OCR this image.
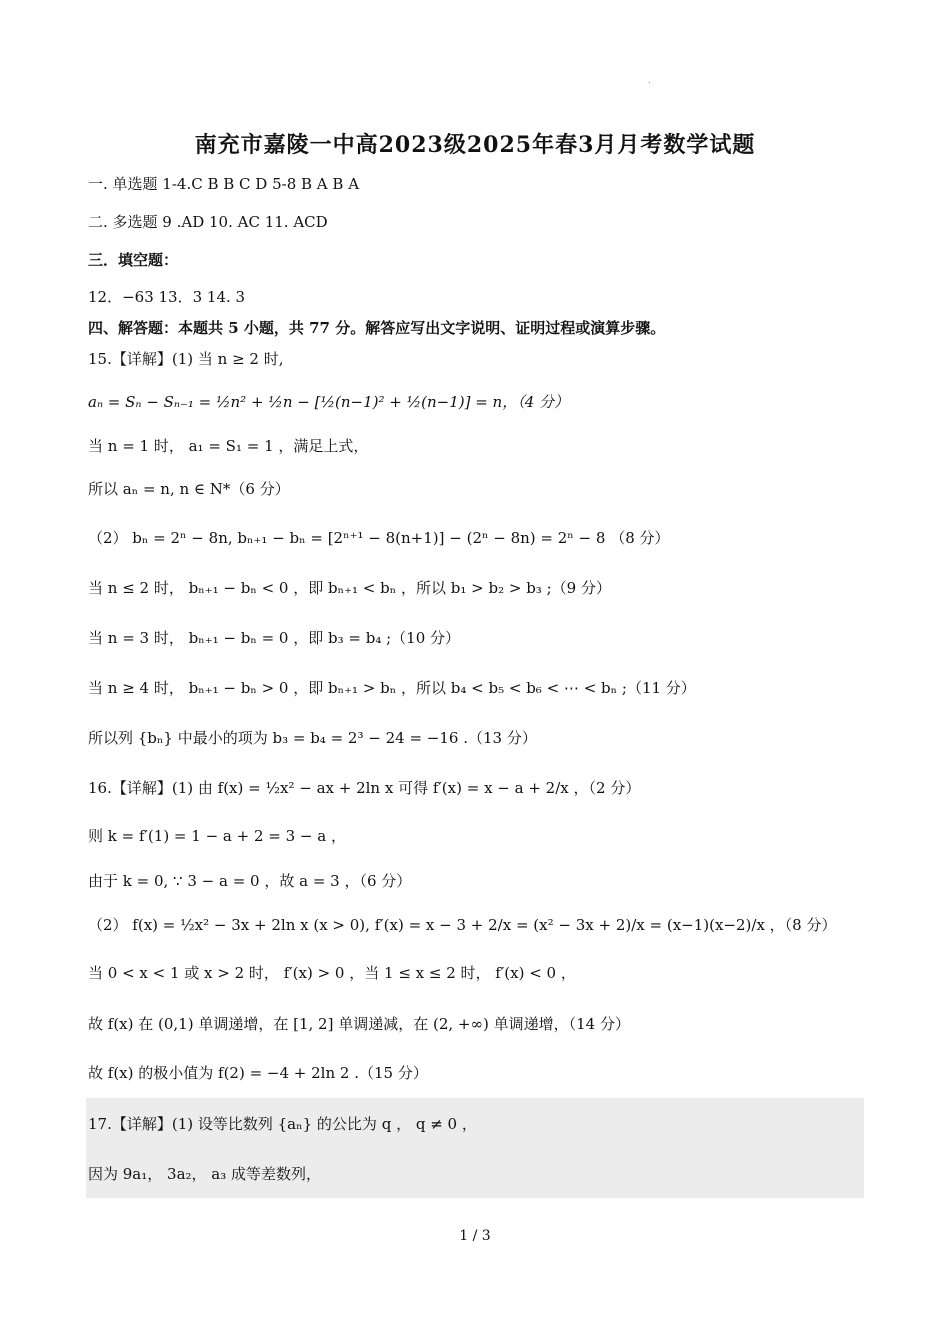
.
南充市嘉陵一中高2023级2025年春3月月考数学试题
一. 单选题 1-4.C B B C D 5-8 B A B A
二. 多选题 9 .AD 10. AC 11. ACD
三．填空题：
12．−63 13．3 14. 3
四、解答题：本题共 5 小题，共 77 分。解答应写出文字说明、证明过程或演算步骤。
15.【详解】(1) 当 n ≥ 2 时,
aₙ = Sₙ − Sₙ₋₁ = ½n² + ½n − [½(n−1)² + ½(n−1)] = n，（4 分）
当 n = 1 时， a₁ = S₁ = 1 ，满足上式，
所以 aₙ = n, n ∈ N*（6 分）
（2） bₙ = 2ⁿ − 8n, bₙ₊₁ − bₙ = [2ⁿ⁺¹ − 8(n+1)] − (2ⁿ − 8n) = 2ⁿ − 8 （8 分）
当 n ≤ 2 时， bₙ₊₁ − bₙ < 0 ，即 bₙ₊₁ < bₙ ，所以 b₁ > b₂ > b₃ ;（9 分）
当 n = 3 时， bₙ₊₁ − bₙ = 0 ，即 b₃ = b₄ ;（10 分）
当 n ≥ 4 时， bₙ₊₁ − bₙ > 0 ，即 bₙ₊₁ > bₙ ，所以 b₄ < b₅ < b₆ < ⋯ < bₙ ;（11 分）
所以列 {bₙ} 中最小的项为 b₃ = b₄ = 2³ − 24 = −16 .（13 分）
16.【详解】(1) 由 f(x) = ½x² − ax + 2ln x 可得 f′(x) = x − a + 2/x ，（2 分）
则 k = f′(1) = 1 − a + 2 = 3 − a ，
由于 k = 0, ∵ 3 − a = 0 ，故 a = 3 ，（6 分）
（2） f(x) = ½x² − 3x + 2ln x (x > 0), f′(x) = x − 3 + 2/x = (x² − 3x + 2)/x = (x−1)(x−2)/x ，（8 分）
当 0 < x < 1 或 x > 2 时， f′(x) > 0 ，当 1 ≤ x ≤ 2 时， f′(x) < 0 ，
故 f(x) 在 (0,1) 单调递增，在 [1, 2] 单调递减，在 (2, +∞) 单调递增，（14 分）
故 f(x) 的极小值为 f(2) = −4 + 2ln 2 .（15 分）
17.【详解】(1) 设等比数列 {aₙ} 的公比为 q ， q ≠ 0 ，
因为 9a₁， 3a₂， a₃ 成等差数列，
1 / 3
